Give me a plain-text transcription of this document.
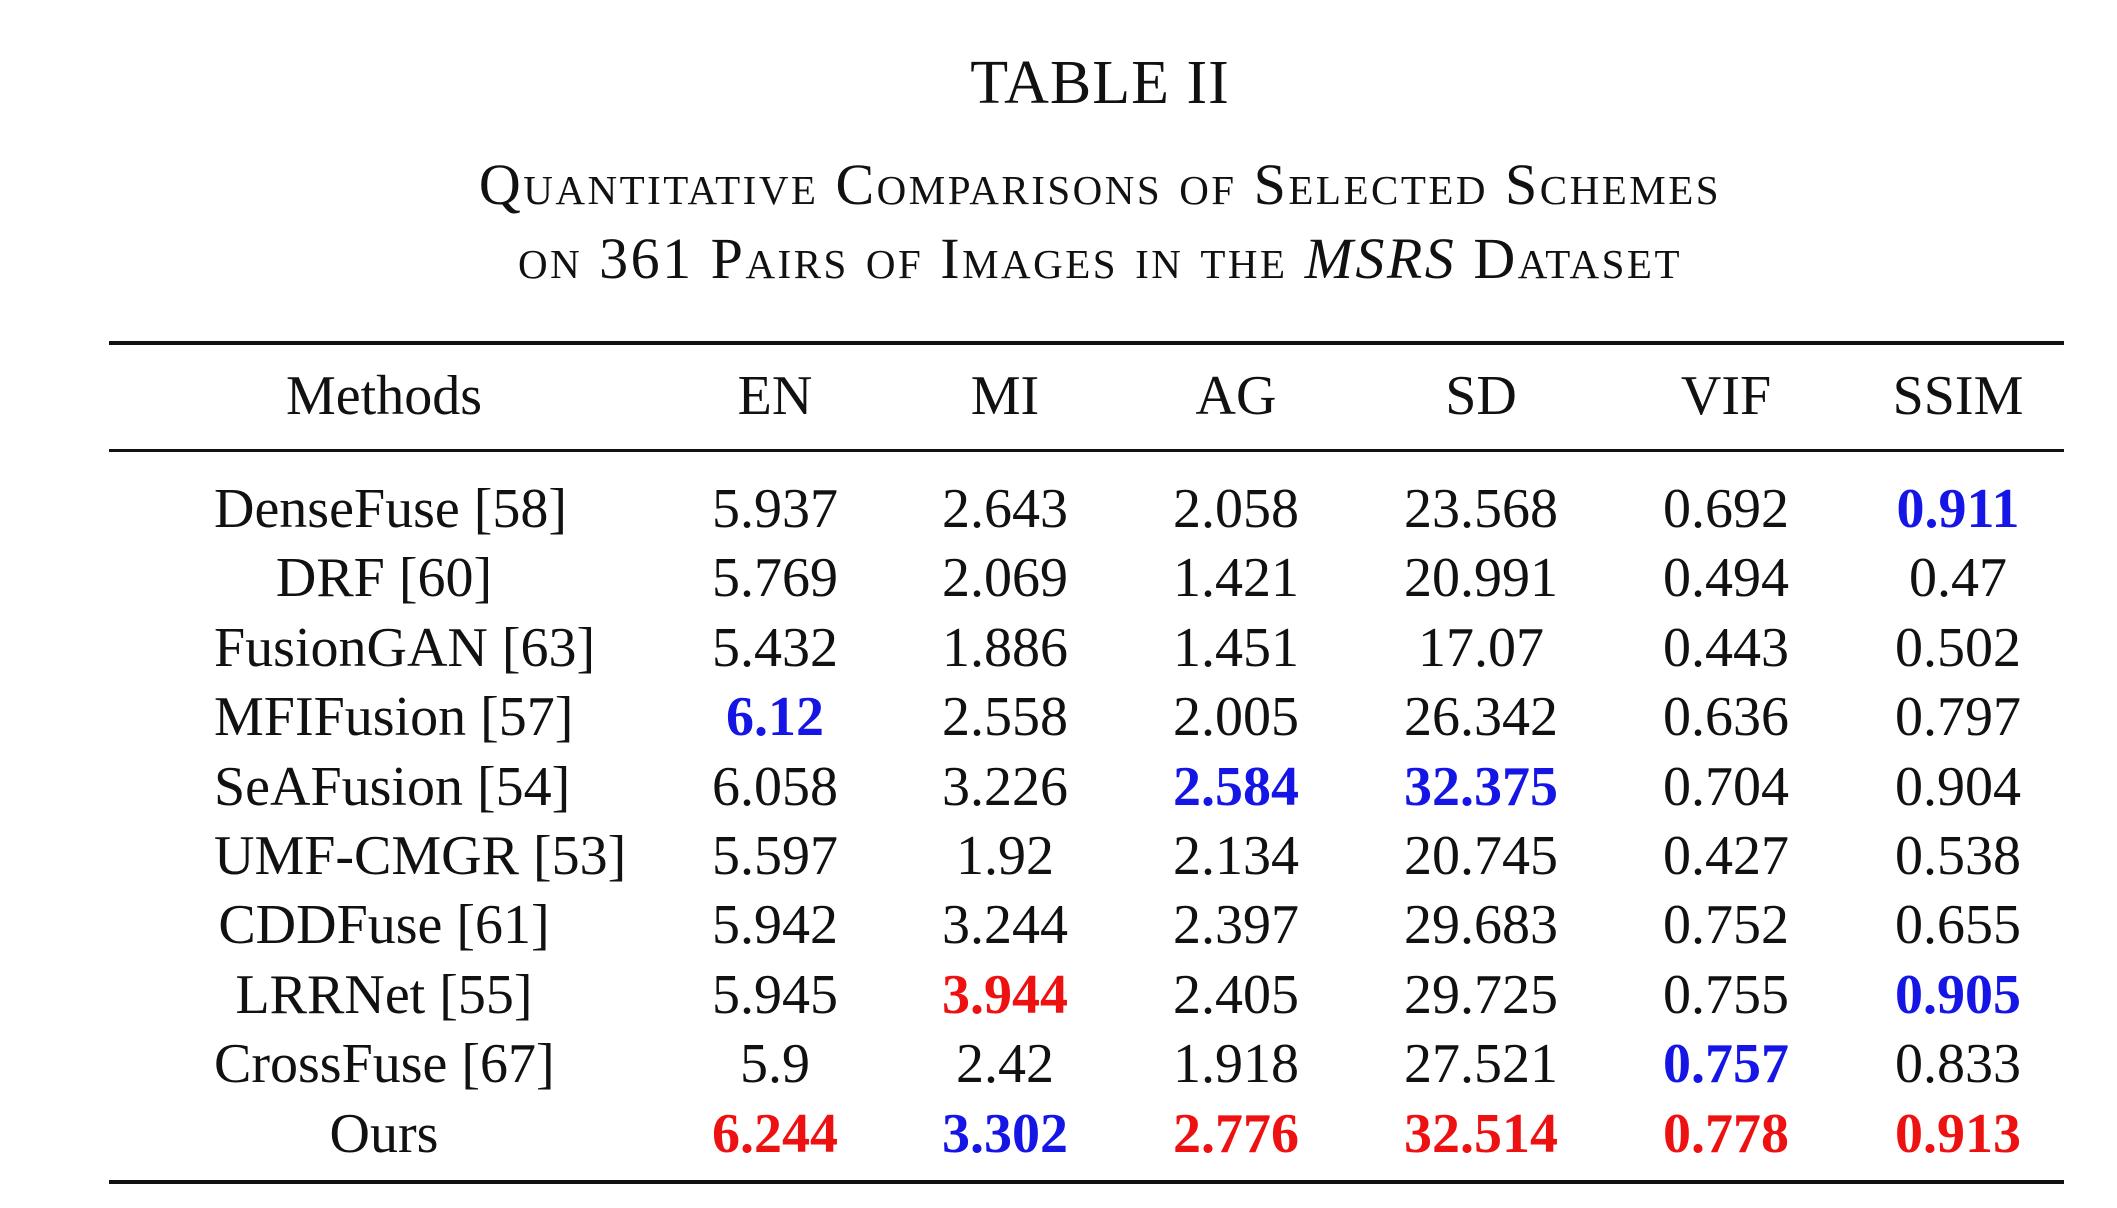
TABLE II
Quantitative Comparisons of Selected Schemes
on 361 Pairs of Images in the MSRS Dataset
Methods	EN	MI	AG	SD	VIF	SSIM
DenseFuse [58]	5.937	2.643	2.058	23.568	0.692	0.911
DRF [60]	5.769	2.069	1.421	20.991	0.494	0.47
FusionGAN [63]	5.432	1.886	1.451	17.07	0.443	0.502
MFIFusion [57]	6.12	2.558	2.005	26.342	0.636	0.797
SeAFusion [54]	6.058	3.226	2.584	32.375	0.704	0.904
UMF-CMGR [53]	5.597	1.92	2.134	20.745	0.427	0.538
CDDFuse [61]	5.942	3.244	2.397	29.683	0.752	0.655
LRRNet [55]	5.945	3.944	2.405	29.725	0.755	0.905
CrossFuse [67]	5.9	2.42	1.918	27.521	0.757	0.833
Ours	6.244	3.302	2.776	32.514	0.778	0.913
